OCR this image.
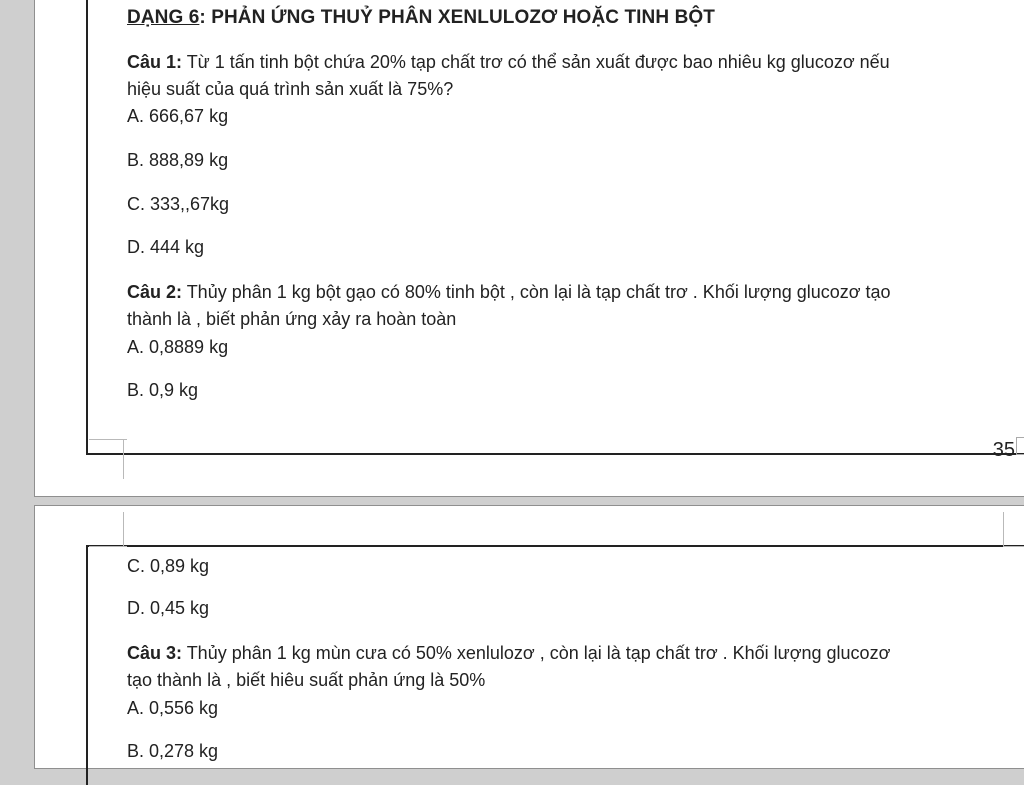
35
DẠNG 6: PHẢN ỨNG THUỶ PHÂN XENLULOZƠ HOẶC TINH BỘT
Câu 1: Từ 1 tấn tinh bột chứa 20% tạp chất trơ có thể sản xuất được bao nhiêu kg glucozơ nếu
hiệu suất của quá trình sản xuất là 75%?
A. 666,67 kg
B. 888,89 kg
C. 333,,67kg
D. 444 kg
Câu 2: Thủy phân 1 kg bột gạo có 80% tinh bột , còn lại là tạp chất trơ . Khối lượng glucozơ tạo
thành là , biết phản ứng xảy ra hoàn toàn
A. 0,8889 kg
B. 0,9 kg
C. 0,89 kg
D. 0,45 kg
Câu 3: Thủy phân 1 kg mùn cưa có 50% xenlulozơ , còn lại là tạp chất trơ . Khối lượng glucozơ
tạo thành là , biết hiêu suất phản ứng là 50%
A. 0,556 kg
B. 0,278 kg
